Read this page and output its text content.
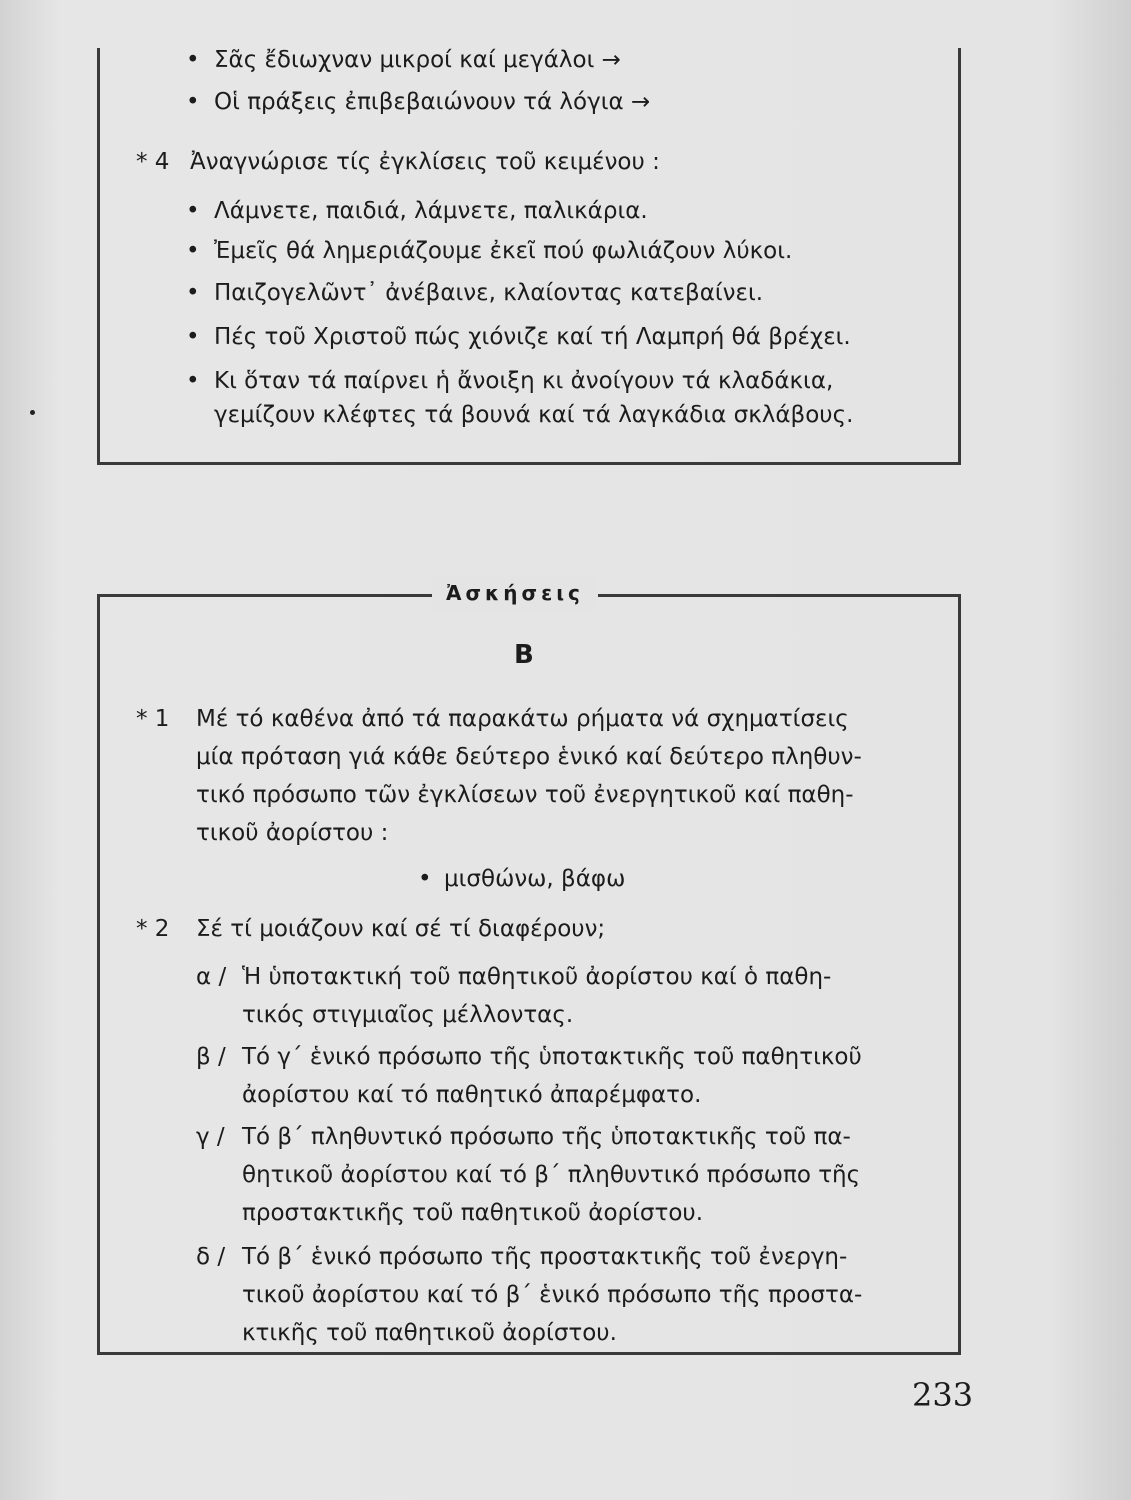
• Σᾶς ἔδιωχναν μικροί καί μεγάλοι →
• Οἱ πράξεις ἐπιβεβαιώνουν τά λόγια →
* 4 Ἀναγνώρισε τίς ἐγκλίσεις τοῦ κειμένου :
• Λάμνετε, παιδιά, λάμνετε, παλικάρια.
• Ἐμεῖς θά λημεριάζουμε ἐκεῖ πού φωλιάζουν λύκοι.
• Παιζογελῶντ᾽ ἀνέβαινε, κλαίοντας κατεβαίνει.
• Πές τοῦ Χριστοῦ πώς χιόνιζε καί τή Λαμπρή θά βρέχει.
• Κι ὅταν τά παίρνει ἡ ἄνοιξη κι ἀνοίγουν τά κλαδάκια,
γεμίζουν κλέφτες τά βουνά καί τά λαγκάδια σκλάβους.
Ἀσκήσεις
B
* 1 Μέ τό καθένα ἀπό τά παρακάτω ρήματα νά σχηματίσεις
μία πρόταση γιά κάθε δεύτερο ἑνικό καί δεύτερο πληθυν-
τικό πρόσωπο τῶν ἐγκλίσεων τοῦ ἐνεργητικοῦ καί παθη-
τικοῦ ἀορίστου :
• μισθώνω, βάφω
* 2 Σέ τί μοιάζουν καί σέ τί διαφέρουν;
α / Ἡ ὑποτακτική τοῦ παθητικοῦ ἀορίστου καί ὁ παθη-
τικός στιγμιαῖος μέλλοντας.
β / Τό γ´ ἑνικό πρόσωπο τῆς ὑποτακτικῆς τοῦ παθητικοῦ
ἀορίστου καί τό παθητικό ἀπαρέμφατο.
γ / Τό β´ πληθυντικό πρόσωπο τῆς ὑποτακτικῆς τοῦ πα-
θητικοῦ ἀορίστου καί τό β´ πληθυντικό πρόσωπο τῆς
προστακτικῆς τοῦ παθητικοῦ ἀορίστου.
δ / Τό β´ ἑνικό πρόσωπο τῆς προστακτικῆς τοῦ ἐνεργη-
τικοῦ ἀορίστου καί τό β´ ἑνικό πρόσωπο τῆς προστα-
κτικῆς τοῦ παθητικοῦ ἀορίστου.
233
